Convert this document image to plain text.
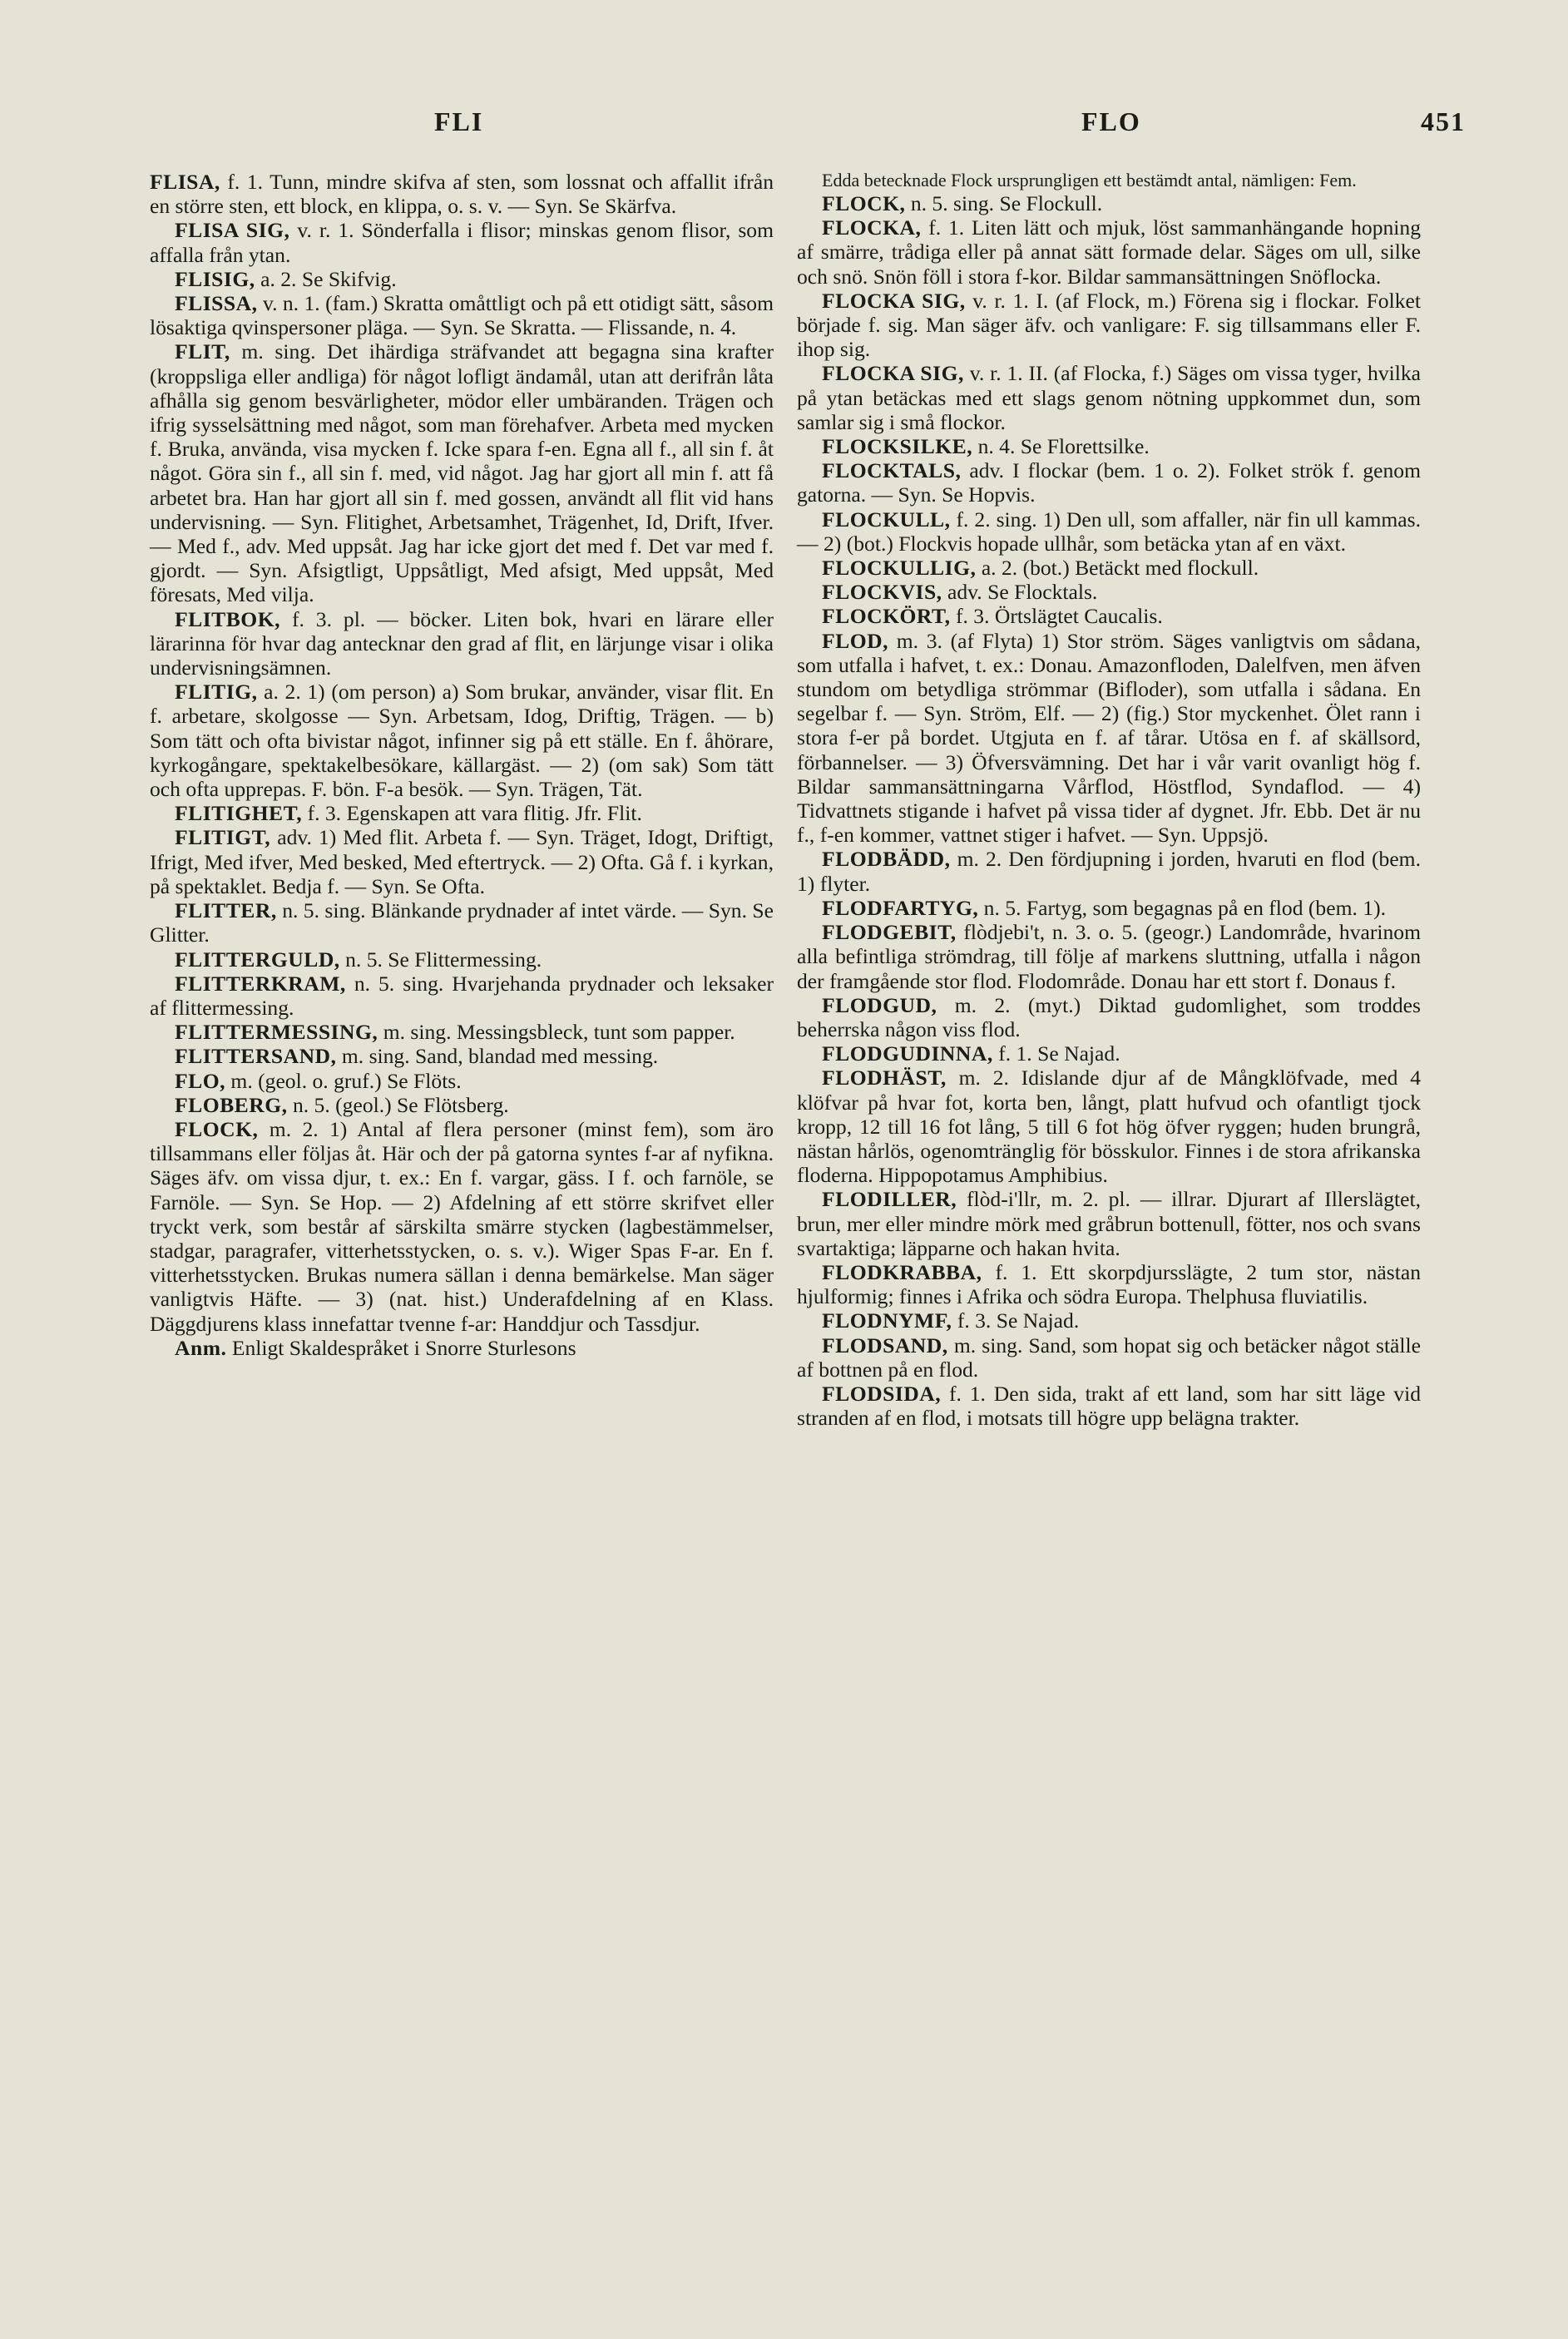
FLI	FLO	451

FLISA, f. 1. Tunn, mindre skifva af sten, som lossnat och affallit ifrån en större sten, ett block, en klippa, o. s. v. — Syn. Se Skärfva.

FLISA SIG, v. r. 1. Sönderfalla i flisor; minskas genom flisor, som affalla från ytan.

FLISIG, a. 2. Se Skifvig.

FLISSA, v. n. 1. (fam.) Skratta omåttligt och på ett otidigt sätt, såsom lösaktiga qvinspersoner pläga. — Syn. Se Skratta. — Flissande, n. 4.

FLIT, m. sing. Det ihärdiga sträfvandet att begagna sina krafter (kroppsliga eller andliga) för något lofligt ändamål, utan att derifrån låta afhålla sig genom besvärligheter, mödor eller umbäranden. Trägen och ifrig sysselsättning med något, som man förehafver. Arbeta med mycken f. Bruka, använda, visa mycken f. Icke spara f-en. Egna all f., all sin f. åt något. Göra sin f., all sin f. med, vid något. Jag har gjort all min f. att få arbetet bra. Han har gjort all sin f. med gossen, användt all flit vid hans undervisning. — Syn. Flitighet, Arbetsamhet, Trägenhet, Id, Drift, Ifver. — Med f., adv. Med uppsåt. Jag har icke gjort det med f. Det var med f. gjordt. — Syn. Afsigtligt, Uppsåtligt, Med afsigt, Med uppsåt, Med föresats, Med vilja.

FLITBOK, f. 3. pl. — böcker. Liten bok, hvari en lärare eller lärarinna för hvar dag antecknar den grad af flit, en lärjunge visar i olika undervisningsämnen.

FLITIG, a. 2. 1) (om person) a) Som brukar, använder, visar flit. En f. arbetare, skolgosse — Syn. Arbetsam, Idog, Driftig, Trägen. — b) Som tätt och ofta bivistar något, infinner sig på ett ställe. En f. åhörare, kyrkogångare, spektakelbesökare, källargäst. — 2) (om sak) Som tätt och ofta upprepas. F. bön. F-a besök. — Syn. Trägen, Tät.

FLITIGHET, f. 3. Egenskapen att vara flitig. Jfr. Flit.

FLITIGT, adv. 1) Med flit. Arbeta f. — Syn. Träget, Idogt, Driftigt, Ifrigt, Med ifver, Med besked, Med eftertryck. — 2) Ofta. Gå f. i kyrkan, på spektaklet. Bedja f. — Syn. Se Ofta.

FLITTER, n. 5. sing. Blänkande prydnader af intet värde. — Syn. Se Glitter.

FLITTERGULD, n. 5. Se Flittermessing.

FLITTERKRAM, n. 5. sing. Hvarjehanda prydnader och leksaker af flittermessing.

FLITTERMESSING, m. sing. Messingsbleck, tunt som papper.

FLITTERSAND, m. sing. Sand, blandad med messing.

FLO, m. (geol. o. gruf.) Se Flöts.

FLOBERG, n. 5. (geol.) Se Flötsberg.

FLOCK, m. 2. 1) Antal af flera personer (minst fem), som äro tillsammans eller följas åt. Här och der på gatorna syntes f-ar af nyfikna. Säges äfv. om vissa djur, t. ex.: En f. vargar, gäss. I f. och farnöle, se Farnöle. — Syn. Se Hop. — 2) Afdelning af ett större skrifvet eller tryckt verk, som består af särskilta smärre stycken (lagbestämmelser, stadgar, paragrafer, vitterhetsstycken, o. s. v.). Wiger Spas F-ar. En f. vitterhetsstycken. Brukas numera sällan i denna bemärkelse. Man säger vanligtvis Häfte. — 3) (nat. hist.) Underafdelning af en Klass. Däggdjurens klass innefattar tvenne f-ar: Handdjur och Tassdjur.

Anm. Enligt Skaldespråket i Snorre Sturlesons

Edda betecknade Flock ursprungligen ett bestämdt antal, nämligen: Fem.

FLOCK, n. 5. sing. Se Flockull.

FLOCKA, f. 1. Liten lätt och mjuk, löst sammanhängande hopning af smärre, trådiga eller på annat sätt formade delar. Säges om ull, silke och snö. Snön föll i stora f-kor. Bildar sammansättningen Snöflocka.

FLOCKA SIG, v. r. 1. I. (af Flock, m.) Förena sig i flockar. Folket började f. sig. Man säger äfv. och vanligare: F. sig tillsammans eller F. ihop sig.

FLOCKA SIG, v. r. 1. II. (af Flocka, f.) Säges om vissa tyger, hvilka på ytan betäckas med ett slags genom nötning uppkommet dun, som samlar sig i små flockor.

FLOCKSILKE, n. 4. Se Florettsilke.

FLOCKTALS, adv. I flockar (bem. 1 o. 2). Folket strök f. genom gatorna. — Syn. Se Hopvis.

FLOCKULL, f. 2. sing. 1) Den ull, som affaller, när fin ull kammas. — 2) (bot.) Flockvis hopade ullhår, som betäcka ytan af en växt.

FLOCKULLIG, a. 2. (bot.) Betäckt med flockull.

FLOCKVIS, adv. Se Flocktals.

FLOCKÖRT, f. 3. Örtslägtet Caucalis.

FLOD, m. 3. (af Flyta) 1) Stor ström. Säges vanligtvis om sådana, som utfalla i hafvet, t. ex.: Donau. Amazonfloden, Dalelfven, men äfven stundom om betydliga strömmar (Bifloder), som utfalla i sådana. En segelbar f. — Syn. Ström, Elf. — 2) (fig.) Stor myckenhet. Ölet rann i stora f-er på bordet. Utgjuta en f. af tårar. Utösa en f. af skällsord, förbannelser. — 3) Öfversvämning. Det har i vår varit ovanligt hög f. Bildar sammansättningarna Vårflod, Höstflod, Syndaflod. — 4) Tidvattnets stigande i hafvet på vissa tider af dygnet. Jfr. Ebb. Det är nu f., f-en kommer, vattnet stiger i hafvet. — Syn. Uppsjö.

FLODBÄDD, m. 2. Den fördjupning i jorden, hvaruti en flod (bem. 1) flyter.

FLODFARTYG, n. 5. Fartyg, som begagnas på en flod (bem. 1).

FLODGEBIT, flòdjebi't, n. 3. o. 5. (geogr.) Landområde, hvarinom alla befintliga strömdrag, till följe af markens sluttning, utfalla i någon der framgående stor flod. Flodområde. Donau har ett stort f. Donaus f.

FLODGUD, m. 2. (myt.) Diktad gudomlighet, som troddes beherrska någon viss flod.

FLODGUDINNA, f. 1. Se Najad.

FLODHÄST, m. 2. Idislande djur af de Mångklöfvade, med 4 klöfvar på hvar fot, korta ben, långt, platt hufvud och ofantligt tjock kropp, 12 till 16 fot lång, 5 till 6 fot hög öfver ryggen; huden brungrå, nästan hårlös, ogenomtränglig för bösskulor. Finnes i de stora afrikanska floderna. Hippopotamus Amphibius.

FLODILLER, flòd-i'llr, m. 2. pl. — illrar. Djurart af Illerslägtet, brun, mer eller mindre mörk med gråbrun bottenull, fötter, nos och svans svartaktiga; läpparne och hakan hvita.

FLODKRABBA, f. 1. Ett skorpdjursslägte, 2 tum stor, nästan hjulformig; finnes i Afrika och södra Europa. Thelphusa fluviatilis.

FLODNYMF, f. 3. Se Najad.

FLODSAND, m. sing. Sand, som hopat sig och betäcker något ställe af bottnen på en flod.

FLODSIDA, f. 1. Den sida, trakt af ett land, som har sitt läge vid stranden af en flod, i motsats till högre upp belägna trakter.
